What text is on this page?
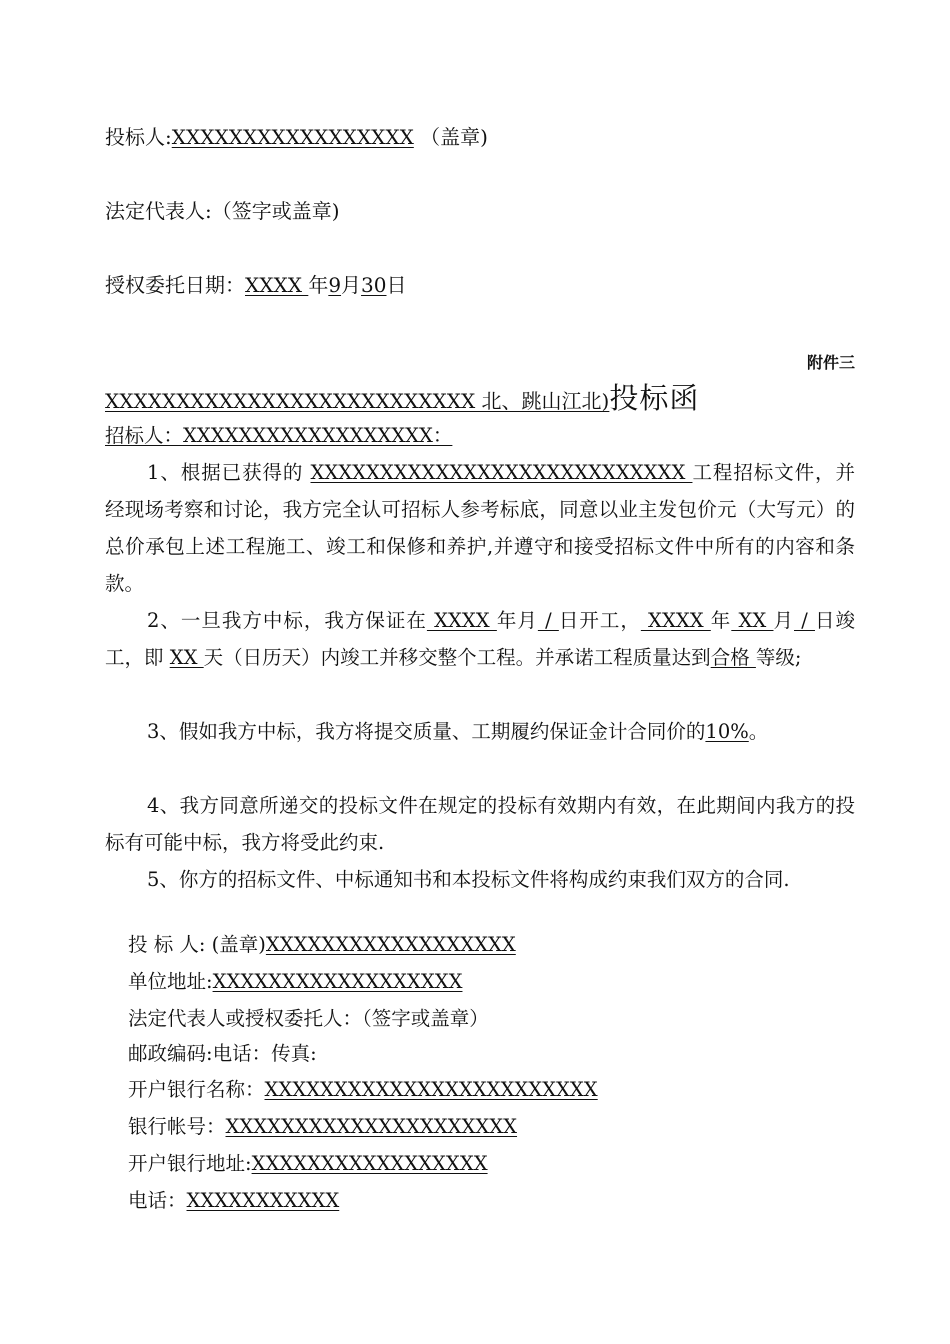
投标人:XXXXXXXXXXXXXXXXX （盖章)
法定代表人:（签字或盖章)
授权委托日期：XXXX 年9月30日
附件三
XXXXXXXXXXXXXXXXXXXXXXXXXX 北、跳山江北)投标函
招标人：XXXXXXXXXXXXXXXXXX：
1、根据已获得的 XXXXXXXXXXXXXXXXXXXXXXXXXXX 工程招标文件，并经现场考察和讨论，我方完全认可招标人参考标底，同意以业主发包价元（大写元）的总价承包上述工程施工、竣工和保修和养护,并遵守和接受招标文件中所有的内容和条款。
2、一旦我方中标，我方保证在 XXXX 年月 / 日开工， XXXX 年 XX 月 / 日竣工，即 XX 天（日历天）内竣工并移交整个工程。并承诺工程质量达到合格 等级;
3、假如我方中标，我方将提交质量、工期履约保证金计合同价的10%。
4、我方同意所递交的投标文件在规定的投标有效期内有效，在此期间内我方的投标有可能中标，我方将受此约束.
5、你方的招标文件、中标通知书和本投标文件将构成约束我们双方的合同.
投 标 人: (盖章)XXXXXXXXXXXXXXXXXX
单位地址:XXXXXXXXXXXXXXXXXX
法定代表人或授权委托人：（签字或盖章）
邮政编码:电话：传真:
开户银行名称：XXXXXXXXXXXXXXXXXXXXXXXX
银行帐号：XXXXXXXXXXXXXXXXXXXXX
开户银行地址:XXXXXXXXXXXXXXXXX
电话：XXXXXXXXXXX
